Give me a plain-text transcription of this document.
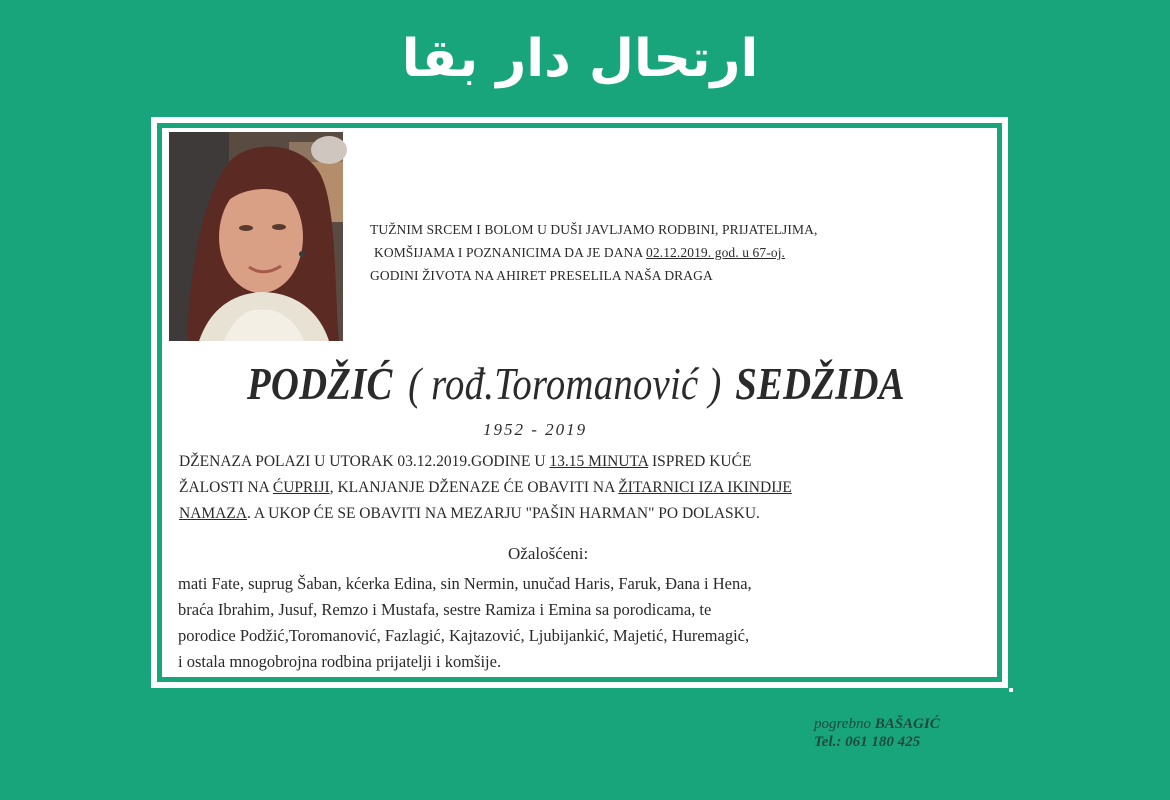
ارتحال دار بقا
TUŽNIM SRCEM I BOLOM U DUŠI JAVLJAMO RODBINI, PRIJATELJIMA,
KOMŠIJAMA I POZNANICIMA DA JE DANA 02.12.2019. god. u 67-oj.
GODINI ŽIVOTA NA AHIRET PRESELILA NAŠA DRAGA
PODŽIĆ ( rođ.Toromanović ) SEDŽIDA
1952 - 2019
DŽENAZA POLAZI U UTORAK 03.12.2019.GODINE U 13.15 MINUTA ISPRED KUĆE
ŽALOSTI NA ĆUPRIJI, KLANJANJE DŽENAZE ĆE OBAVITI NA ŽITARNICI IZA IKINDIJE
NAMAZA. A UKOP ĆE SE OBAVITI NA MEZARJU "PAŠIN HARMAN" PO DOLASKU.
Ožalošćeni:
mati Fate, suprug Šaban, kćerka Edina, sin Nermin, unučad Haris, Faruk, Đana i Hena,
braća Ibrahim, Jusuf, Remzo i Mustafa, sestre Ramiza i Emina sa porodicama, te
porodice Podžić,Toromanović, Fazlagić, Kajtazović, Ljubijankić, Majetić, Huremagić,
i ostala mnogobrojna rodbina prijatelji i komšije.
pogrebno BAŠAGIĆ
Tel.: 061 180 425
